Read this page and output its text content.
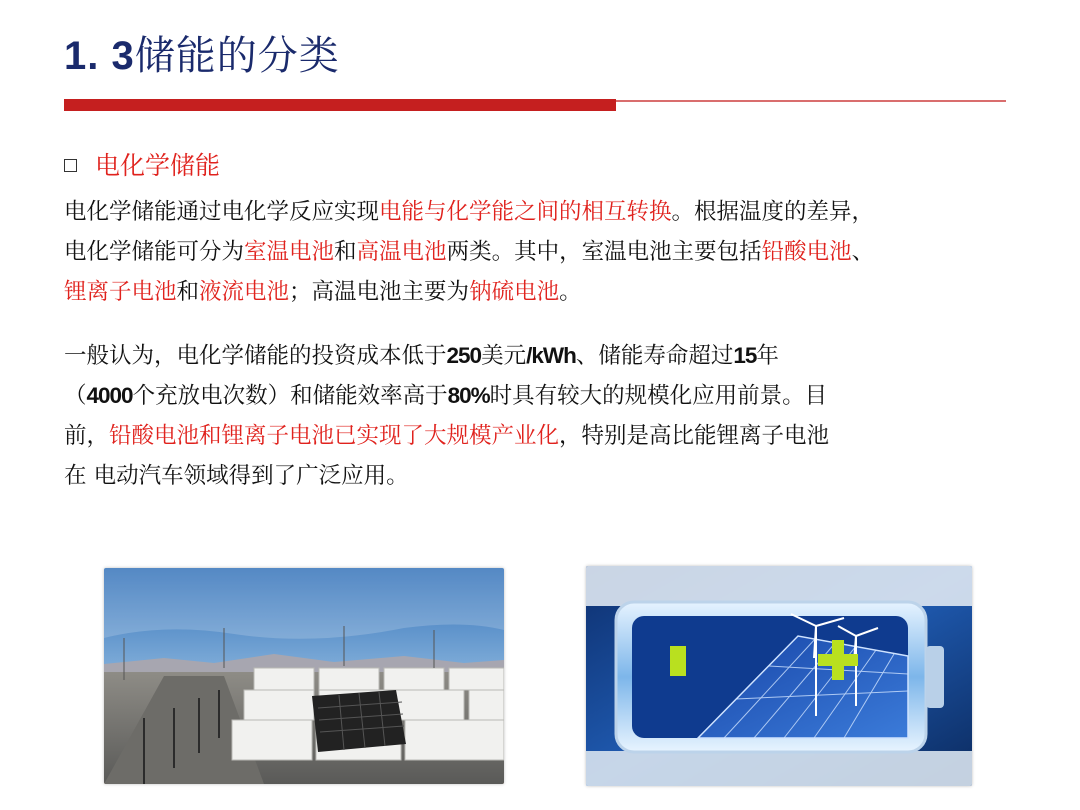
1. 3储能的分类
电化学储能
电化学储能通过电化学反应实现电能与化学能之间的相互转换。根据温度的差异，
电化学储能可分为室温电池和高温电池两类。其中，室温电池主要包括铅酸电池、
锂离子电池和液流电池；高温电池主要为钠硫电池。
一般认为，电化学储能的投资成本低于250美元/kWh、储能寿命超过15年
（4000个充放电次数）和储能效率高于80%时具有较大的规模化应用前景。目
前，铅酸电池和锂离子电池已实现了大规模产业化，特别是高比能锂离子电池
在 电动汽车领域得到了广泛应用。
